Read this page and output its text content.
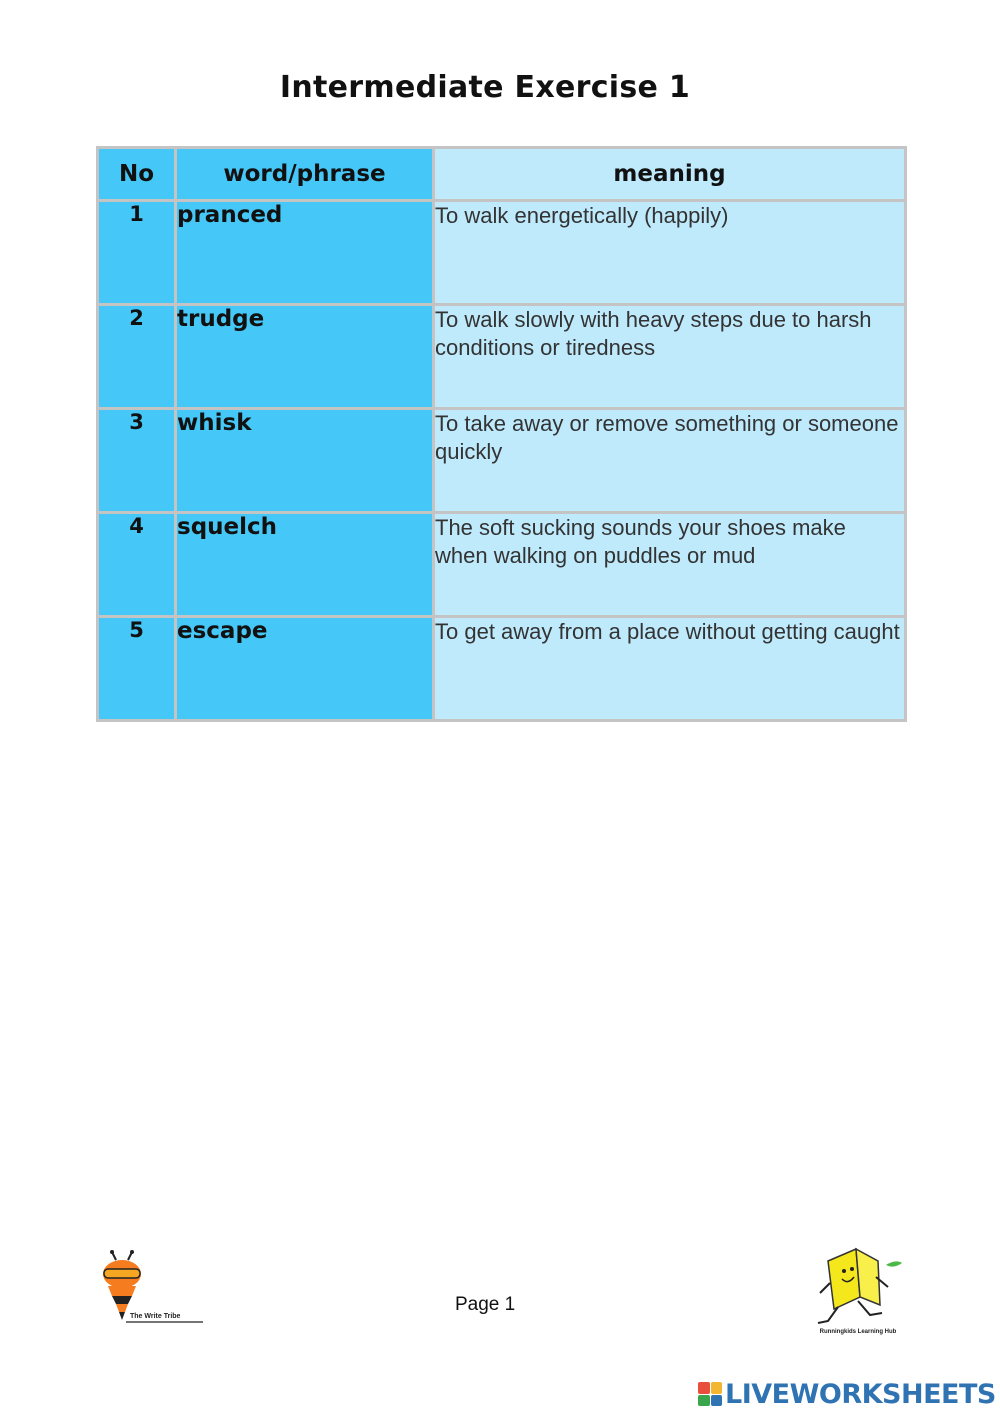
Intermediate Exercise 1
No	word/phrase	meaning
1	pranced	To walk energetically (happily)
2	trudge	To walk slowly with heavy steps due to harsh conditions or tiredness
3	whisk	To take away or remove something or someone quickly
4	squelch	The soft sucking sounds your shoes make when walking on puddles or mud
5	escape	To get away from a place without getting caught
The Write Tribe
Page 1
Runningkids Learning Hub
LIVEWORKSHEETS
